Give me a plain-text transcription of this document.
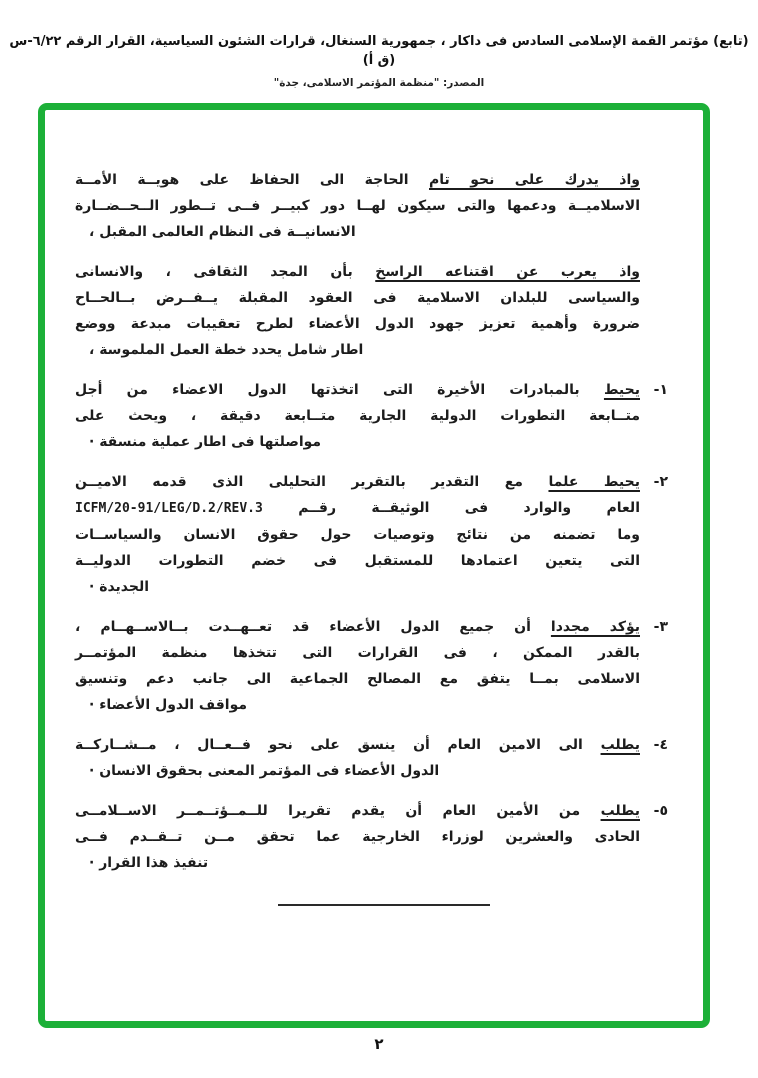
(تابع) مؤتمر القمة الإسلامى السادس فى داكار ، جمهورية السنغال، قرارات الشئون السياسية، القرار الرقم ٦/٢٢-س (ق أ)
المصدر: "منظمة المؤتمر الاسلامى، جدة"
واذ يدرك على نحو تام الحاجة الى الحفاظ على هويــة الأمــة
الاسلاميــة ودعمها والتى سيكون لهــا دور كبيــر فــى تــطور الــحــضــارة
الانسانيــة فى النظام العالمى المقبل ،
واذ يعرب عن اقتناعه الراسخ بأن المجد الثقافى ، والانسانى
والسياسى للبلدان الاسلامية فى العقود المقبلة يــفــرض بــالحــاح
ضرورة وأهمية تعزيز جهود الدول الأعضاء لطرح تعقيبات مبدعة ووضع
اطار شامل يحدد خطة العمل الملموسة ،
١-
يحيط بالمبادرات الأخيرة التى اتخذتها الدول الاعضاء من أجل
متــابعة التطورات الدولية الجارية متــابعة دقيقة ، ويحث على
مواصلتها فى اطار عملية منسقة ·
٢-
يحيط علما مع التقدير بالتقرير التحليلى الذى قدمه الاميــن
العام والوارد فى الوثيقــة رقــم ICFM/20-91/LEG/D.2/REV.3
وما تضمنه من نتائج وتوصيات حول حقوق الانسان والسياســات
التى يتعين اعتمادها للمستقبل فى خضم التطورات الدوليــة
الجديدة ·
٣-
يؤكد مجددا أن جميع الدول الأعضاء قد تعــهــدت بــالاســهــام ،
بالقدر الممكن ، فى القرارات التى تتخذها منظمة المؤتمــر
الاسلامى بمــا يتفق مع المصالح الجماعية الى جانب دعم وتنسيق
مواقف الدول الأعضاء ·
٤-
يطلب الى الامين العام أن ينسق على نحو فــعــال ، مــشــاركــة
الدول الأعضاء فى المؤتمر المعنى بحقوق الانسان ·
٥-
يطلب من الأمين العام أن يقدم تقريرا للــمــؤتــمــر الاســلامــى
الحادى والعشرين لوزراء الخارجية عما تحقق مــن تــقــدم فــى
تنفيذ هذا القرار ·
٢
